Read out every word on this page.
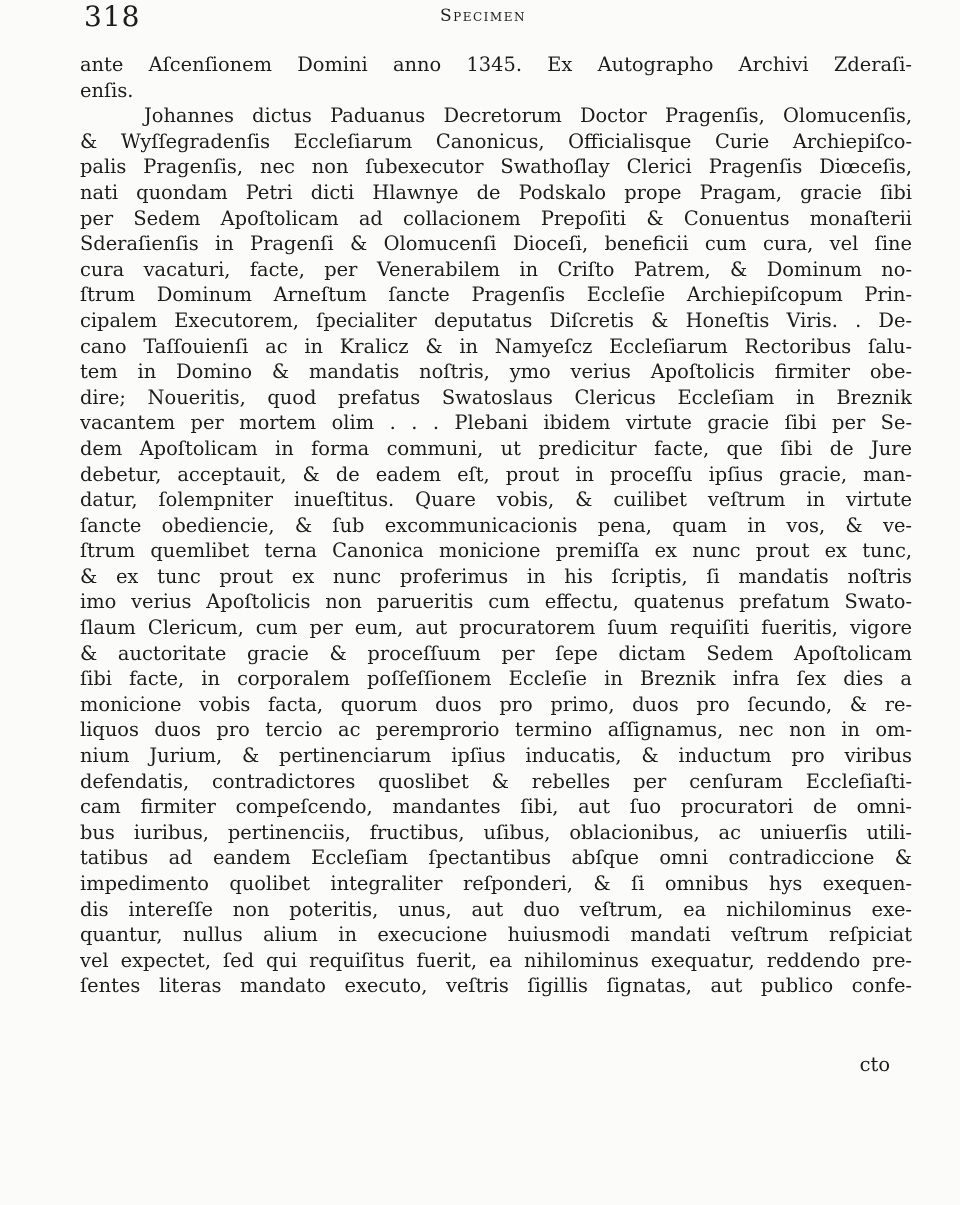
318	Specimen
ante Aſcenſionem Domini anno 1345. Ex Autographo Archivi Zderaſi-
enſis.
Johannes dictus Paduanus Decretorum Doctor Pragenſis, Olomucenſis,
& Wyſſegradenſis Eccleſiarum Canonicus, Officialisque Curie Archiepiſco-
palis Pragenſis, nec non ſubexecutor Swathoſlay Clerici Pragenſis Diœceſis,
nati quondam Petri dicti Hlawnye de Podskalo prope Pragam, gracie ſibi
per Sedem Apoſtolicam ad collacionem Prepoſiti & Conuentus monaſterii
Sderaſienſis in Pragenſi & Olomucenſi Dioceſi, beneficii cum cura, vel ſine
cura vacaturi, facte, per Venerabilem in Criſto Patrem, & Dominum no-
ſtrum Dominum Arneſtum ſancte Pragenſis Eccleſie Archiepiſcopum Prin-
cipalem Executorem, ſpecialiter deputatus Diſcretis & Honeſtis Viris. . De-
cano Taſſouienſi ac in Kralicz & in Namyeſcz Eccleſiarum Rectoribus ſalu-
tem in Domino & mandatis noſtris, ymo verius Apoſtolicis firmiter obe-
dire; Noueritis, quod prefatus Swatoslaus Clericus Eccleſiam in Breznik
vacantem per mortem olim . . . Plebani ibidem virtute gracie ſibi per Se-
dem Apoſtolicam in forma communi, ut predicitur facte, que ſibi de Jure
debetur, acceptauit, & de eadem eſt, prout in proceſſu ipſius gracie, man-
datur, ſolempniter inueſtitus. Quare vobis, & cuilibet veſtrum in virtute
ſancte obediencie, & ſub excommunicacionis pena, quam in vos, & ve-
ſtrum quemlibet terna Canonica monicione premiſſa ex nunc prout ex tunc,
& ex tunc prout ex nunc proferimus in his ſcriptis, ſi mandatis noſtris
imo verius Apoſtolicis non parueritis cum effectu, quatenus prefatum Swato-
ſlaum Clericum, cum per eum, aut procuratorem ſuum requiſiti fueritis, vigore
& auctoritate gracie & proceſſuum per ſepe dictam Sedem Apoſtolicam
ſibi facte, in corporalem poſſeſſionem Eccleſie in Breznik infra ſex dies a
monicione vobis facta, quorum duos pro primo, duos pro ſecundo, & re-
liquos duos pro tercio ac peremprorio termino aſſignamus, nec non in om-
nium Jurium, & pertinenciarum ipſius inducatis, & inductum pro viribus
defendatis, contradictores quoslibet & rebelles per cenſuram Eccleſiaſti-
cam firmiter compeſcendo, mandantes ſibi, aut ſuo procuratori de omni-
bus iuribus, pertinenciis, fructibus, uſibus, oblacionibus, ac uniuerſis utili-
tatibus ad eandem Eccleſiam ſpectantibus abſque omni contradiccione &
impedimento quolibet integraliter reſponderi, & ſi omnibus hys exequen-
dis intereſſe non poteritis, unus, aut duo veſtrum, ea nichilominus exe-
quantur, nullus alium in execucione huiusmodi mandati veſtrum reſpiciat
vel expectet, ſed qui requiſitus fuerit, ea nihilominus exequatur, reddendo pre-
ſentes literas mandato executo, veſtris ſigillis ſignatas, aut publico confe-
cto
